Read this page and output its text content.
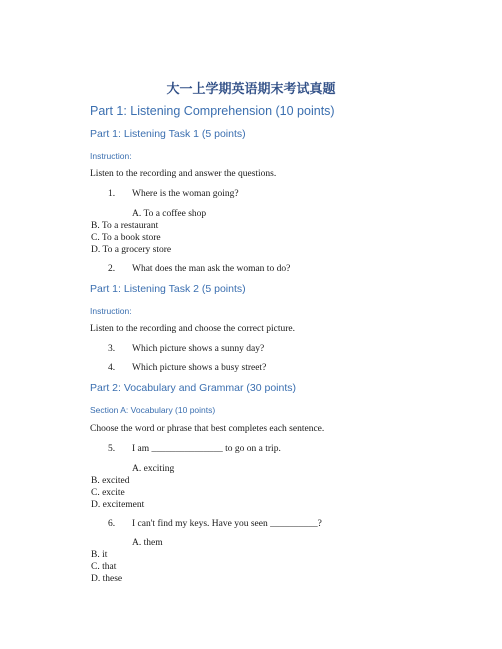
大一上学期英语期末考试真题
Part 1: Listening Comprehension (10 points)
Part 1: Listening Task 1 (5 points)
Instruction:
Listen to the recording and answer the questions.
1. Where is the woman going?
A. To a coffee shop
B. To a restaurant
C. To a book store
D. To a grocery store
2. What does the man ask the woman to do?
Part 1: Listening Task 2 (5 points)
Instruction:
Listen to the recording and choose the correct picture.
3. Which picture shows a sunny day?
4. Which picture shows a busy street?
Part 2: Vocabulary and Grammar (30 points)
Section A: Vocabulary (10 points)
Choose the word or phrase that best completes each sentence.
5. I am _______________ to go on a trip.
A. exciting
B. excited
C. excite
D. excitement
6. I can't find my keys. Have you seen __________?
A. them
B. it
C. that
D. these
